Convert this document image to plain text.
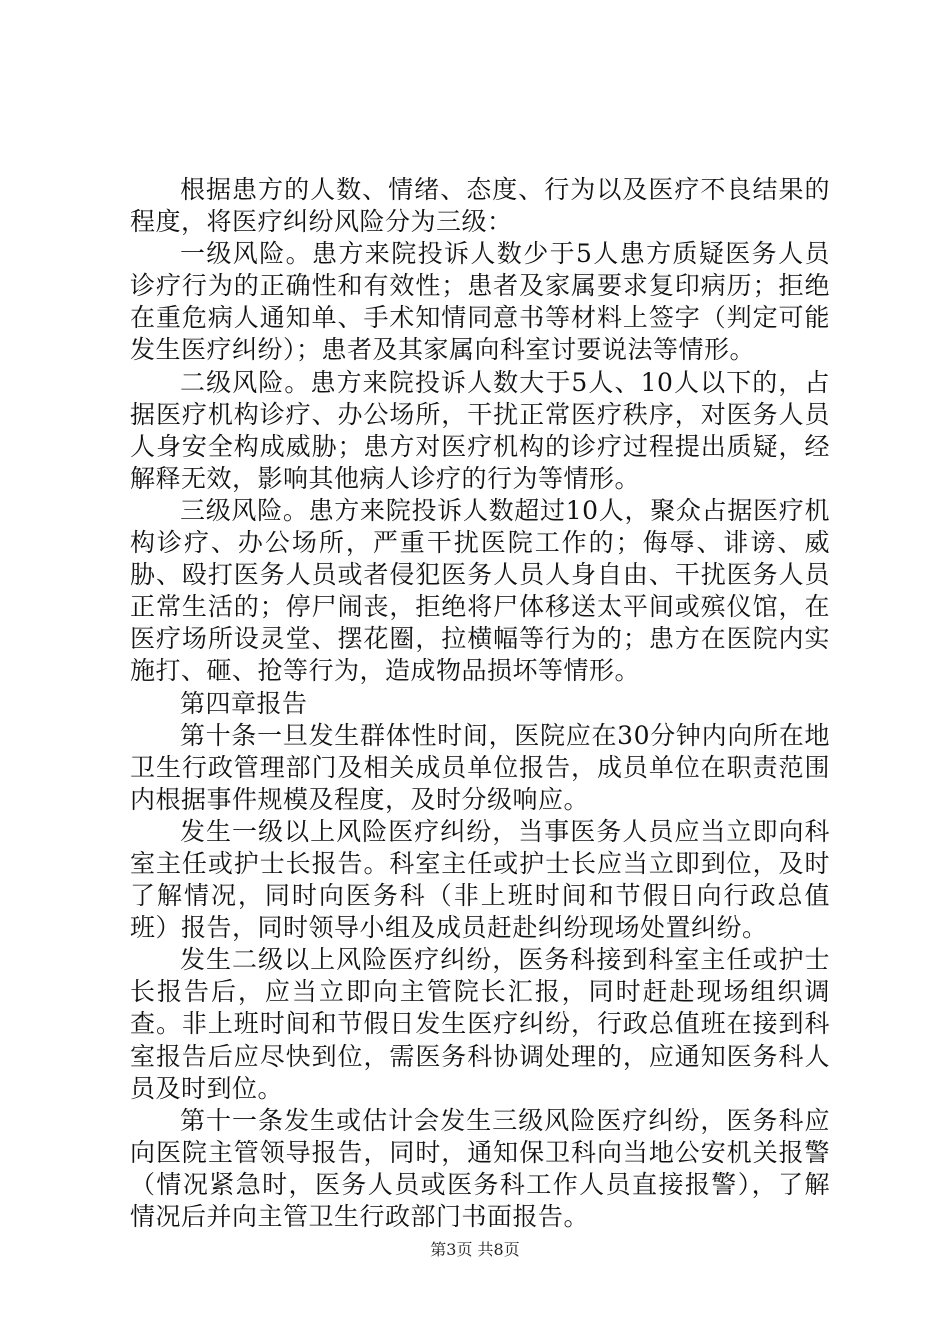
根据患方的人数、情绪、态度、行为以及医疗不良结果的程度，将医疗纠纷风险分为三级：

一级风险。患方来院投诉人数少于5人患方质疑医务人员诊疗行为的正确性和有效性；患者及家属要求复印病历；拒绝在重危病人通知单、手术知情同意书等材料上签字（判定可能发生医疗纠纷）；患者及其家属向科室讨要说法等情形。

二级风险。患方来院投诉人数大于5人、10人以下的，占据医疗机构诊疗、办公场所，干扰正常医疗秩序，对医务人员人身安全构成威胁；患方对医疗机构的诊疗过程提出质疑，经解释无效，影响其他病人诊疗的行为等情形。

三级风险。患方来院投诉人数超过10人，聚众占据医疗机构诊疗、办公场所，严重干扰医院工作的；侮辱、诽谤、威胁、殴打医务人员或者侵犯医务人员人身自由、干扰医务人员正常生活的；停尸闹丧，拒绝将尸体移送太平间或殡仪馆，在医疗场所设灵堂、摆花圈，拉横幅等行为的；患方在医院内实施打、砸、抢等行为，造成物品损坏等情形。

第四章报告

第十条一旦发生群体性时间，医院应在30分钟内向所在地卫生行政管理部门及相关成员单位报告，成员单位在职责范围内根据事件规模及程度，及时分级响应。

发生一级以上风险医疗纠纷，当事医务人员应当立即向科室主任或护士长报告。科室主任或护士长应当立即到位，及时了解情况，同时向医务科（非上班时间和节假日向行政总值班）报告，同时领导小组及成员赶赴纠纷现场处置纠纷。

发生二级以上风险医疗纠纷，医务科接到科室主任或护士长报告后，应当立即向主管院长汇报，同时赶赴现场组织调查。非上班时间和节假日发生医疗纠纷，行政总值班在接到科室报告后应尽快到位，需医务科协调处理的，应通知医务科人员及时到位。

第十一条发生或估计会发生三级风险医疗纠纷，医务科应向医院主管领导报告，同时，通知保卫科向当地公安机关报警（情况紧急时，医务人员或医务科工作人员直接报警），了解情况后并向主管卫生行政部门书面报告。

第3页 共8页
